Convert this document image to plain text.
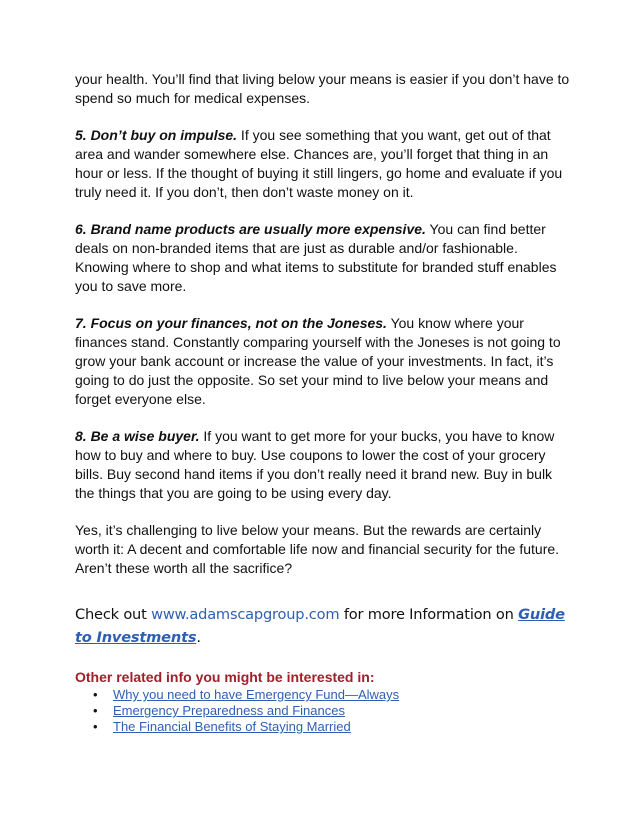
your health. You’ll find that living below your means is easier if you don’t have to spend so much for medical expenses.

5. Don’t buy on impulse. If you see something that you want, get out of that area and wander somewhere else. Chances are, you’ll forget that thing in an hour or less. If the thought of buying it still lingers, go home and evaluate if you truly need it. If you don’t, then don’t waste money on it.

6. Brand name products are usually more expensive. You can find better deals on non-branded items that are just as durable and/or fashionable. Knowing where to shop and what items to substitute for branded stuff enables you to save more.

7. Focus on your finances, not on the Joneses. You know where your finances stand. Constantly comparing yourself with the Joneses is not going to grow your bank account or increase the value of your investments. In fact, it’s going to do just the opposite. So set your mind to live below your means and forget everyone else.

8. Be a wise buyer. If you want to get more for your bucks, you have to know how to buy and where to buy. Use coupons to lower the cost of your grocery bills. Buy second hand items if you don’t really need it brand new. Buy in bulk the things that you are going to be using every day.

Yes, it’s challenging to live below your means. But the rewards are certainly worth it: A decent and comfortable life now and financial security for the future. Aren’t these worth all the sacrifice?

Check out www.adamscapgroup.com for more Information on Guide to Investments.

Other related info you might be interested in:

• Why you need to have Emergency Fund—Always
• Emergency Preparedness and Finances
• The Financial Benefits of Staying Married
